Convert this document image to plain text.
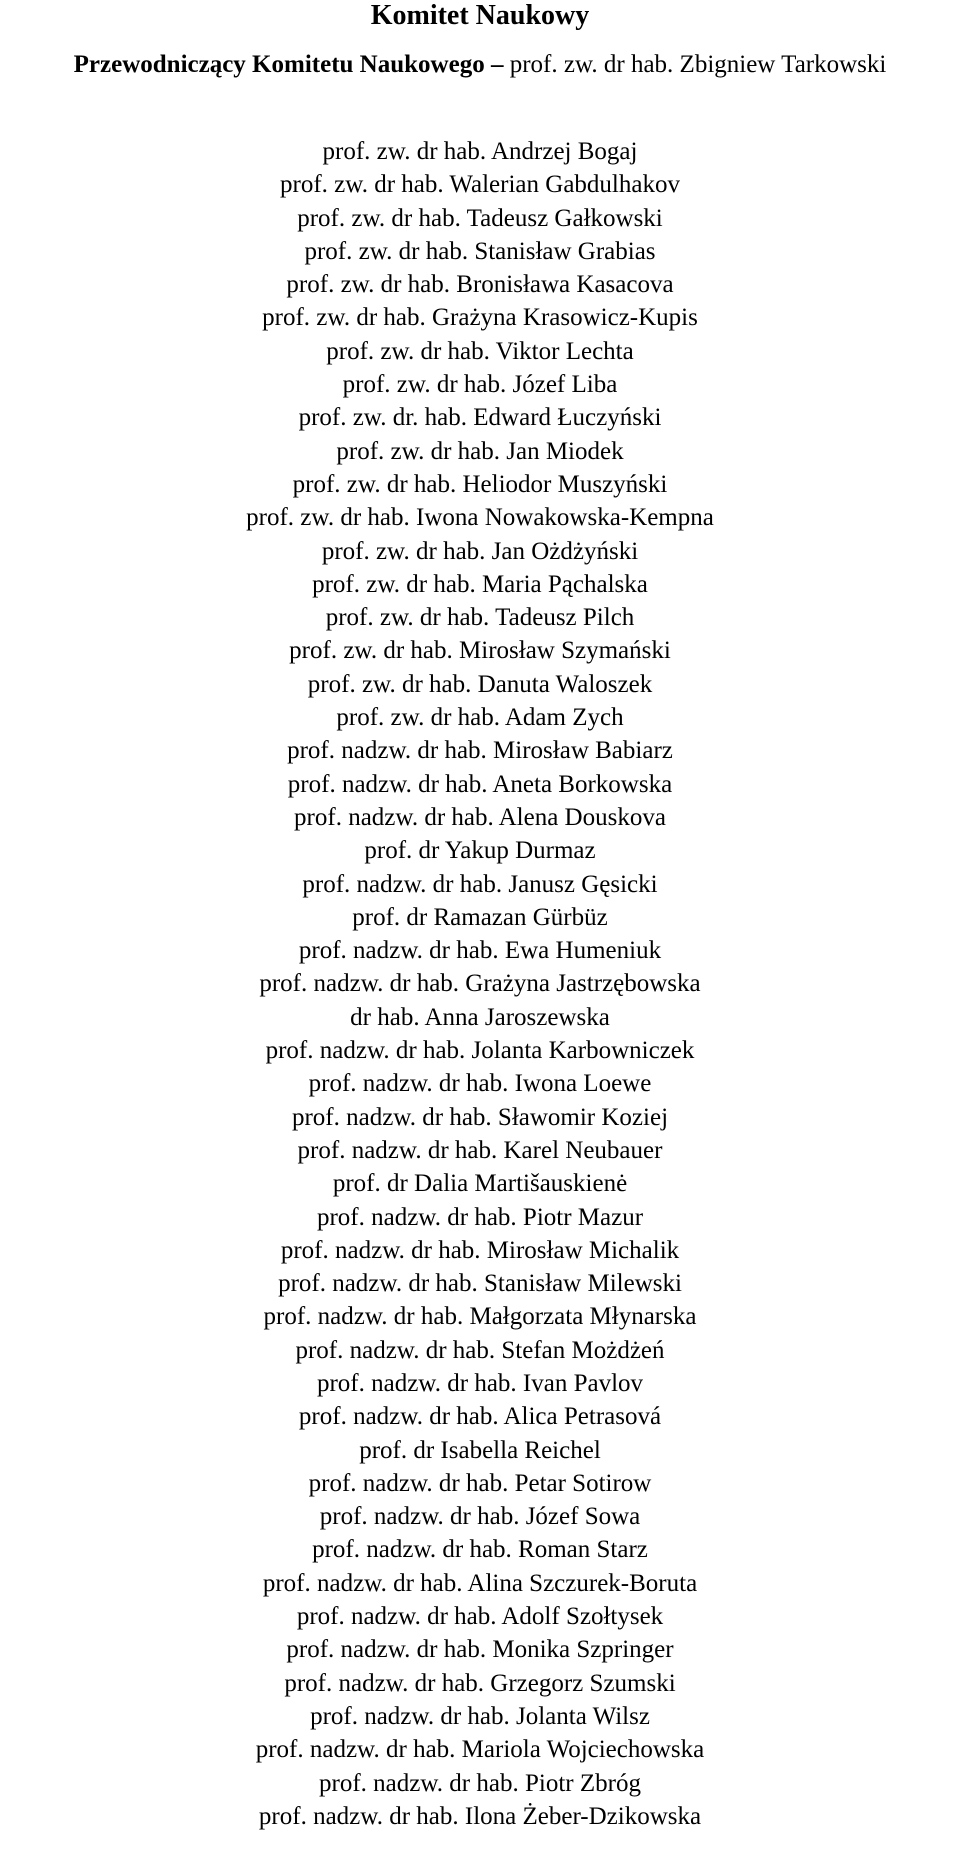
Komitet Naukowy

Przewodniczący Komitetu Naukowego – prof. zw. dr hab. Zbigniew Tarkowski

prof. zw. dr hab. Andrzej Bogaj
prof. zw. dr hab. Walerian Gabdulhakov
prof. zw. dr hab. Tadeusz Gałkowski
prof. zw. dr hab. Stanisław Grabias
prof. zw. dr hab. Bronisława Kasacova
prof. zw. dr hab. Grażyna Krasowicz-Kupis
prof. zw. dr hab. Viktor Lechta
prof. zw. dr hab. Józef Liba
prof. zw. dr. hab. Edward Łuczyński
prof. zw. dr hab. Jan Miodek
prof. zw. dr hab. Heliodor Muszyński
prof. zw. dr hab. Iwona Nowakowska-Kempna
prof. zw. dr hab. Jan Ożdżyński
prof. zw. dr hab. Maria Pąchalska
prof. zw. dr hab. Tadeusz Pilch
prof. zw. dr hab. Mirosław Szymański
prof. zw. dr hab. Danuta Waloszek
prof. zw. dr hab. Adam Zych
prof. nadzw. dr hab. Mirosław Babiarz
prof. nadzw. dr hab. Aneta Borkowska
prof. nadzw. dr hab. Alena Douskova
prof. dr Yakup Durmaz
prof. nadzw. dr hab. Janusz Gęsicki
prof. dr Ramazan Gürbüz
prof. nadzw. dr hab. Ewa Humeniuk
prof. nadzw. dr hab. Grażyna Jastrzębowska
dr hab. Anna Jaroszewska
prof. nadzw. dr hab. Jolanta Karbowniczek
prof. nadzw. dr hab. Iwona Loewe
prof. nadzw. dr hab. Sławomir Koziej
prof. nadzw. dr hab. Karel Neubauer
prof. dr Dalia Martišauskienė
prof. nadzw. dr hab. Piotr Mazur
prof. nadzw. dr hab. Mirosław Michalik
prof. nadzw. dr hab. Stanisław Milewski
prof. nadzw. dr hab. Małgorzata Młynarska
prof. nadzw. dr hab. Stefan Możdżeń
prof. nadzw. dr hab. Ivan Pavlov
prof. nadzw. dr hab. Alica Petrasová
prof. dr Isabella Reichel
prof. nadzw. dr hab. Petar Sotirow
prof. nadzw. dr hab. Józef Sowa
prof. nadzw. dr hab. Roman Starz
prof. nadzw. dr hab. Alina Szczurek-Boruta
prof. nadzw. dr hab. Adolf Szołtysek
prof. nadzw. dr hab. Monika Szpringer
prof. nadzw. dr hab. Grzegorz Szumski
prof. nadzw. dr hab. Jolanta Wilsz
prof. nadzw. dr hab. Mariola Wojciechowska
prof. nadzw. dr hab. Piotr Zbróg
prof. nadzw. dr hab. Ilona Żeber-Dzikowska
